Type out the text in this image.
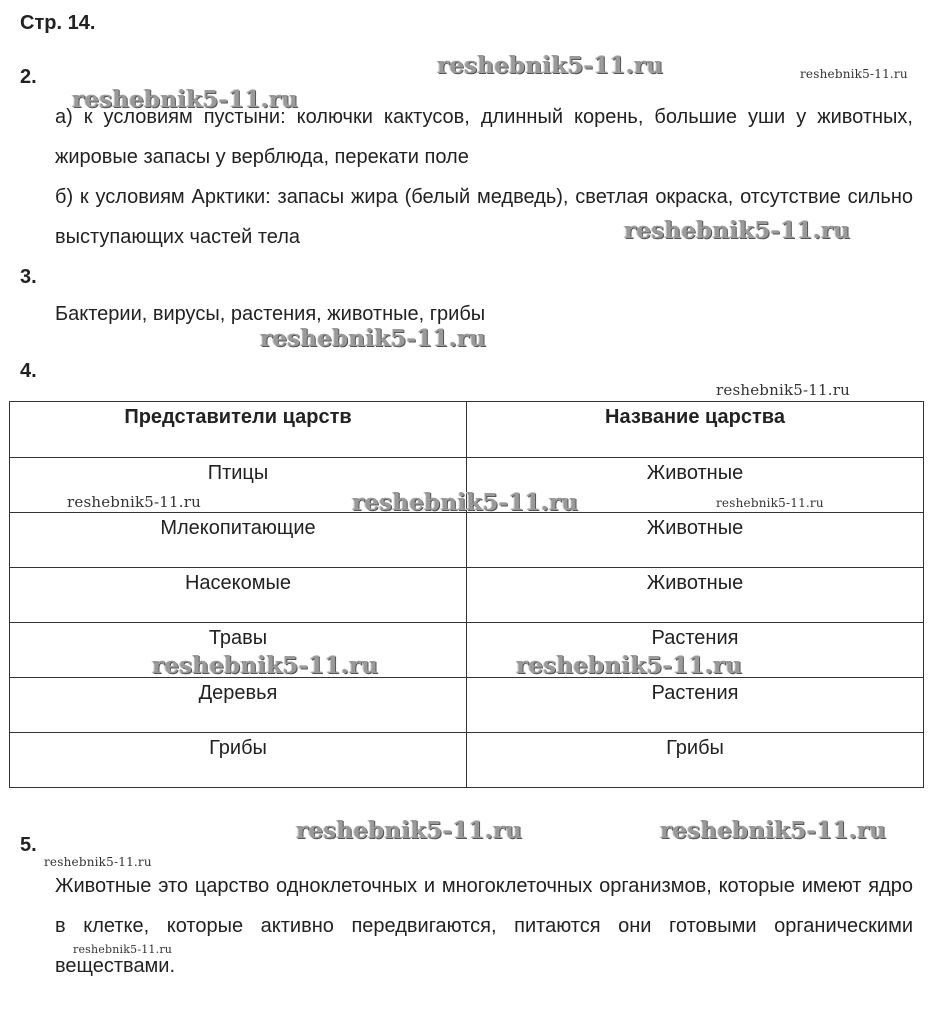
Стр. 14.
2.

а) к условиям пустыни: колючки кактусов, длинный корень, большие уши у животных, жировые запасы у верблюда, перекати поле

б) к условиям Арктики: запасы жира (белый медведь), светлая окраска, отсутствие сильно выступающих частей тела

3.

Бактерии, вирусы, растения, животные, грибы

4.
Представители царств	Название царства
Птицы	Животные
Млекопитающие	Животные
Насекомые	Животные
Травы	Растения
Деревья	Растения
Грибы	Грибы
5.

Животные это царство одноклеточных и многоклеточных организмов, которые имеют ядро в клетке, которые активно передвигаются, питаются они готовыми органическими веществами.

reshebnik5-11.ru	reshebnik5-11.ru
reshebnik5-11.ru
reshebnik5-11.ru
reshebnik5-11.ru
reshebnik5-11.ru
reshebnik5-11.ru	reshebnik5-11.ru	reshebnik5-11.ru
reshebnik5-11.ru	reshebnik5-11.ru
reshebnik5-11.ru	reshebnik5-11.ru
reshebnik5-11.ru
reshebnik5-11.ru
